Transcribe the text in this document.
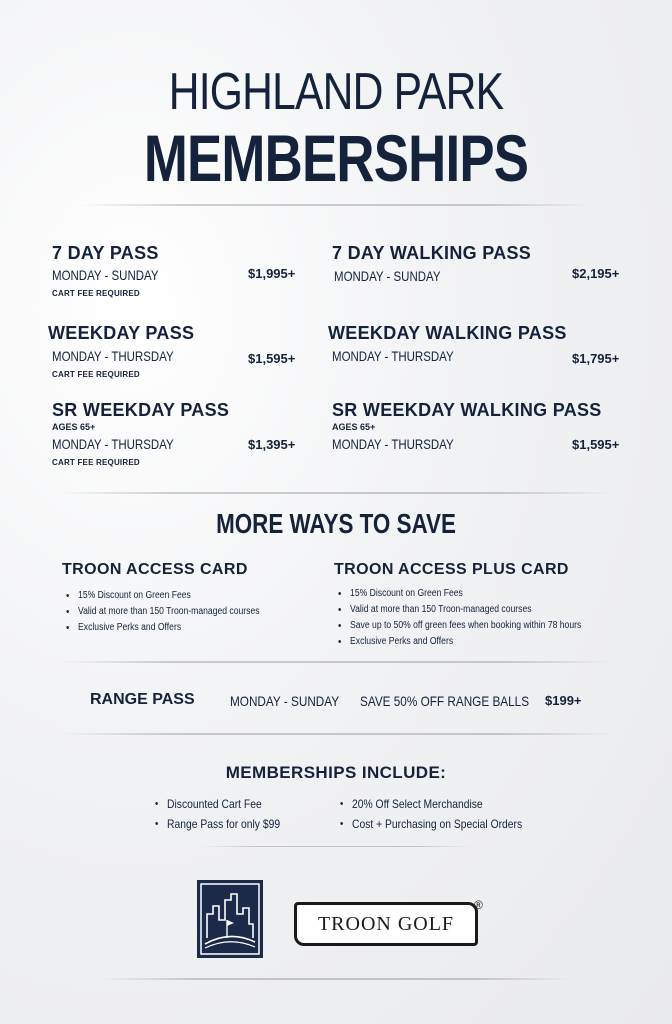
HIGHLAND PARK
MEMBERSHIPS
7 DAY PASS
MONDAY - SUNDAY	$1,995+
CART FEE REQUIRED
7 DAY WALKING PASS
MONDAY - SUNDAY	$2,195+
WEEKDAY PASS
MONDAY - THURSDAY	$1,595+
CART FEE REQUIRED
WEEKDAY WALKING PASS
MONDAY - THURSDAY	$1,795+
SR WEEKDAY PASS
AGES 65+
MONDAY - THURSDAY	$1,395+
CART FEE REQUIRED
SR WEEKDAY WALKING PASS
AGES 65+
MONDAY - THURSDAY	$1,595+
MORE WAYS TO SAVE
TROON ACCESS CARD
• 15% Discount on Green Fees
• Valid at more than 150 Troon-managed courses
• Exclusive Perks and Offers
TROON ACCESS PLUS CARD
• 15% Discount on Green Fees
• Valid at more than 150 Troon-managed courses
• Save up to 50% off green fees when booking within 78 hours
• Exclusive Perks and Offers
RANGE PASS	MONDAY - SUNDAY SAVE 50% OFF RANGE BALLS $199+
MEMBERSHIPS INCLUDE:
• Discounted Cart Fee
• Range Pass for only $99
• 20% Off Select Merchandise
• Cost + Purchasing on Special Orders
TROON GOLF
®
